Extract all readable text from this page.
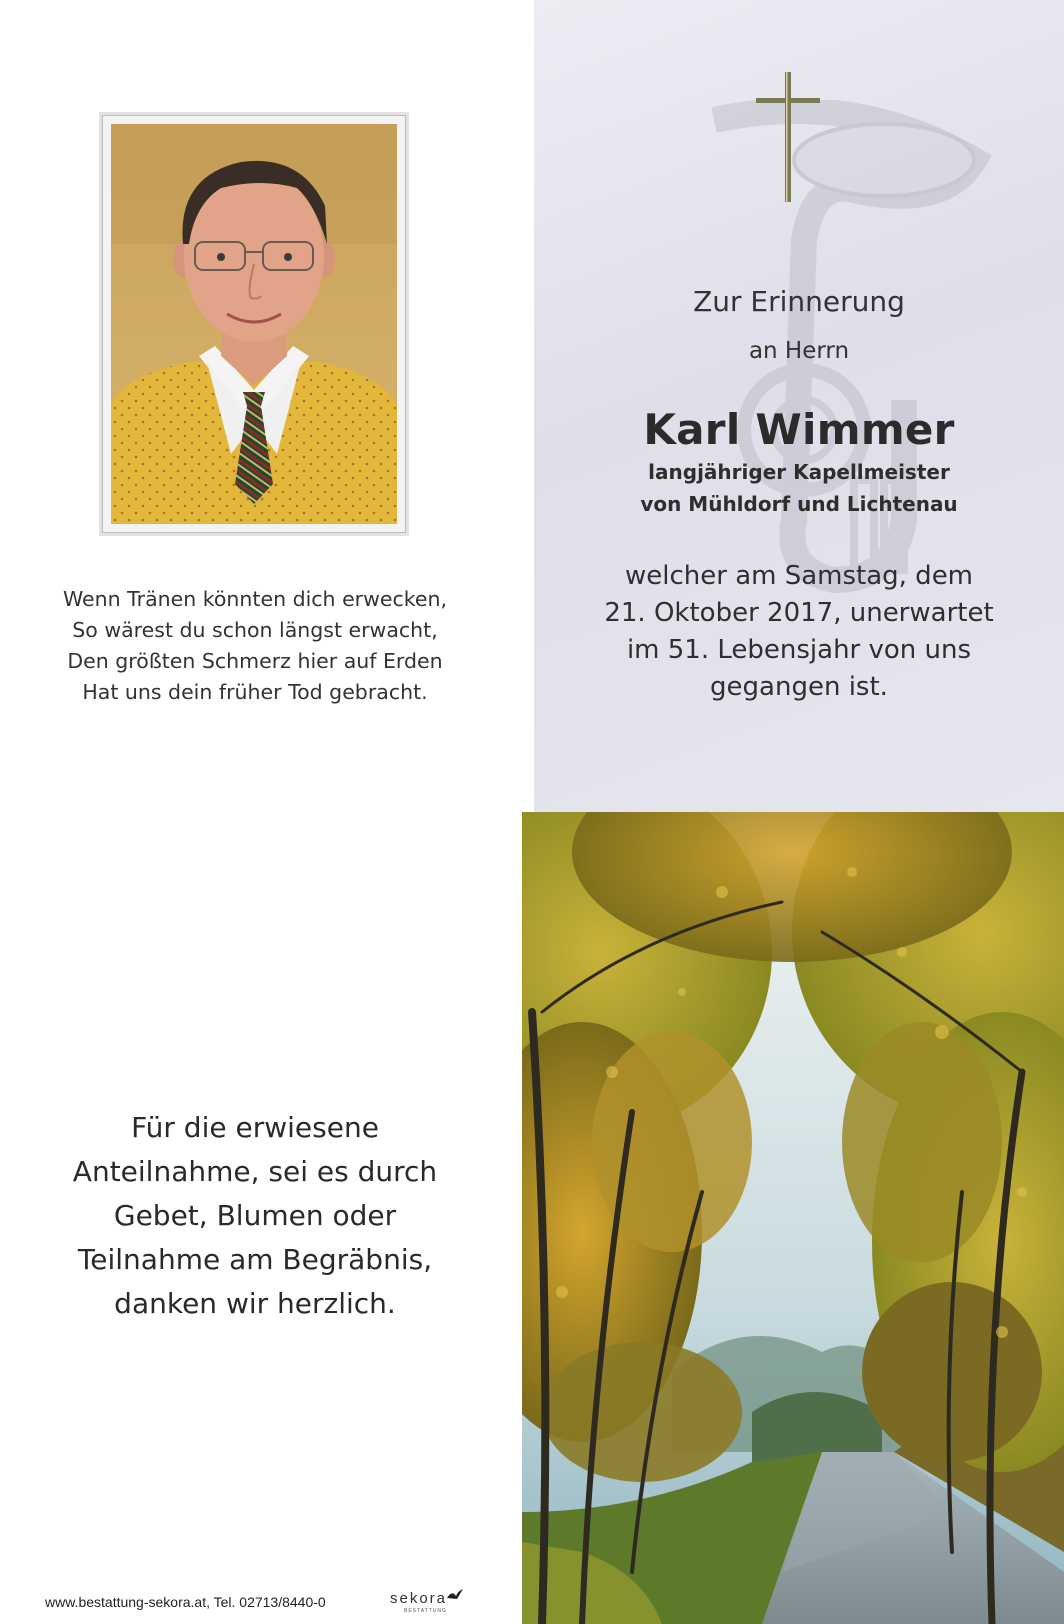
Wenn Tränen könnten dich erwecken,
So wärest du schon längst erwacht,
Den größten Schmerz hier auf Erden
Hat uns dein früher Tod gebracht.
Zur Erinnerung
an Herrn
Karl Wimmer
langjähriger Kapellmeister
von Mühldorf und Lichtenau
welcher am Samstag, dem
21. Oktober 2017, unerwartet
im 51. Lebensjahr von uns
gegangen ist.
Für die erwiesene
Anteilnahme, sei es durch
Gebet, Blumen oder
Teilnahme am Begräbnis,
danken wir herzlich.
www.bestattung-sekora.at, Tel. 02713/8440-0	sekora
BESTATTUNG
